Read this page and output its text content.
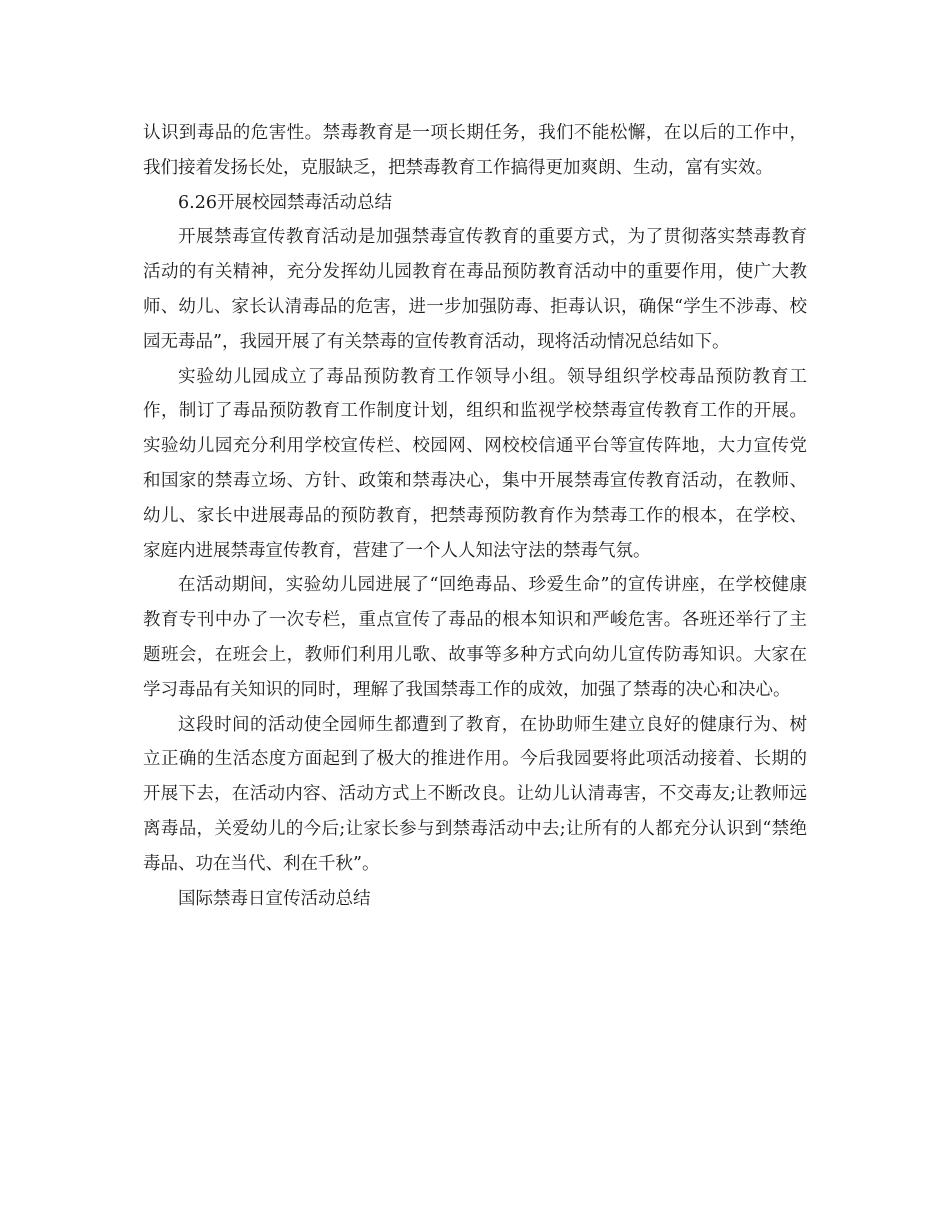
认识到毒品的危害性。禁毒教育是一项长期任务，我们不能松懈，在以后的工作中，我们接着发扬长处，克服缺乏，把禁毒教育工作搞得更加爽朗、生动，富有实效。

6.26开展校园禁毒活动总结

开展禁毒宣传教育活动是加强禁毒宣传教育的重要方式，为了贯彻落实禁毒教育活动的有关精神，充分发挥幼儿园教育在毒品预防教育活动中的重要作用，使广大教师、幼儿、家长认清毒品的危害，进一步加强防毒、拒毒认识，确保“学生不涉毒、校园无毒品”，我园开展了有关禁毒的宣传教育活动，现将活动情况总结如下。

实验幼儿园成立了毒品预防教育工作领导小组。领导组织学校毒品预防教育工作，制订了毒品预防教育工作制度计划，组织和监视学校禁毒宣传教育工作的开展。实验幼儿园充分利用学校宣传栏、校园网、网校校信通平台等宣传阵地，大力宣传党和国家的禁毒立场、方针、政策和禁毒决心，集中开展禁毒宣传教育活动，在教师、幼儿、家长中进展毒品的预防教育，把禁毒预防教育作为禁毒工作的根本，在学校、家庭内进展禁毒宣传教育，营建了一个人人知法守法的禁毒气氛。

在活动期间，实验幼儿园进展了“回绝毒品、珍爱生命”的宣传讲座，在学校健康教育专刊中办了一次专栏，重点宣传了毒品的根本知识和严峻危害。各班还举行了主题班会，在班会上，教师们利用儿歌、故事等多种方式向幼儿宣传防毒知识。大家在学习毒品有关知识的同时，理解了我国禁毒工作的成效，加强了禁毒的决心和决心。

这段时间的活动使全园师生都遭到了教育，在协助师生建立良好的健康行为、树立正确的生活态度方面起到了极大的推进作用。今后我园要将此项活动接着、长期的开展下去，在活动内容、活动方式上不断改良。让幼儿认清毒害，不交毒友;让教师远离毒品，关爱幼儿的今后;让家长参与到禁毒活动中去;让所有的人都充分认识到“禁绝毒品、功在当代、利在千秋”。

国际禁毒日宣传活动总结
